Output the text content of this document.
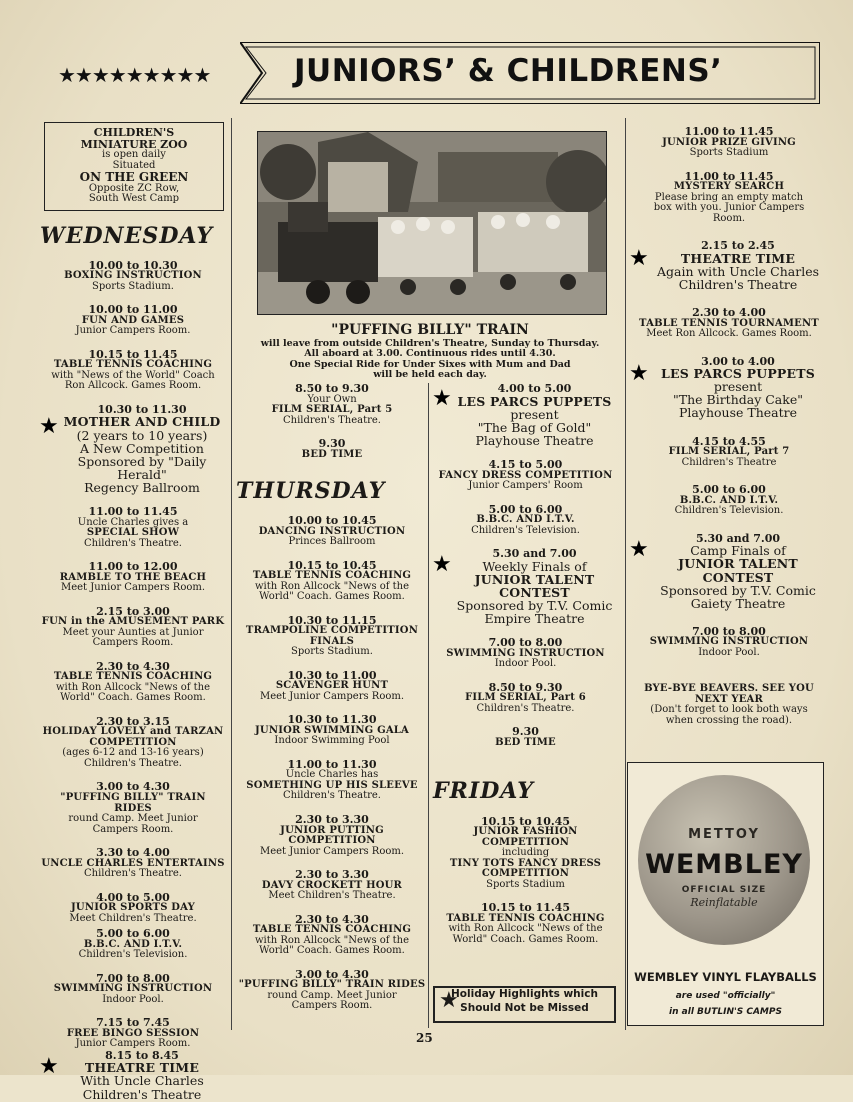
★★★★★★★★★	JUNIORS’ & CHILDRENS’
"PUFFING BILLY" TRAIN
will leave from outside Children's Theatre, Sunday to Thursday.
All aboard at 3.00. Continuous rides until 4.30.
One Special Ride for Under Sixes with Mum and Dad
will be held each day.
CHILDREN'S
MINIATURE ZOO
is open daily
Situated
ON THE GREEN
Opposite ZC Row,
South West Camp
WEDNESDAY
10.00 to 10.30
BOXING INSTRUCTION
Sports Stadium.
10.00 to 11.00
FUN AND GAMES
Junior Campers Room.
10.15 to 11.45
TABLE TENNIS COACHING
with "News of the World" Coach
Ron Allcock. Games Room.
★
10.30 to 11.30
MOTHER AND CHILD
(2 years to 10 years)
A New Competition
Sponsored by "Daily Herald"
Regency Ballroom
11.00 to 11.45
Uncle Charles gives a
SPECIAL SHOW
Children's Theatre.
11.00 to 12.00
RAMBLE TO THE BEACH
Meet Junior Campers Room.
2.15 to 3.00
FUN in the AMUSEMENT PARK
Meet your Aunties at Junior
Campers Room.
2.30 to 4.30
TABLE TENNIS COACHING
with Ron Allcock "News of the
World" Coach. Games Room.
2.30 to 3.15
HOLIDAY LOVELY and TARZAN
COMPETITION
(ages 6-12 and 13-16 years)
Children's Theatre.
3.00 to 4.30
"PUFFING BILLY" TRAIN RIDES
round Camp. Meet Junior
Campers Room.
3.30 to 4.00
UNCLE CHARLES ENTERTAINS
Children's Theatre.
4.00 to 5.00
JUNIOR SPORTS DAY
Meet Children's Theatre.
5.00 to 6.00
B.B.C. AND I.T.V.
Children's Television.
7.00 to 8.00
SWIMMING INSTRUCTION
Indoor Pool.
7.15 to 7.45
FREE BINGO SESSION
Junior Campers Room.
★	8.15 to 8.45
THEATRE TIME
With Uncle Charles
Children's Theatre
8.50 to 9.30
Your Own
FILM SERIAL, Part 5
Children's Theatre.
9.30
BED TIME
THURSDAY
10.00 to 10.45
DANCING INSTRUCTION
Princes Ballroom
10.15 to 10.45
TABLE TENNIS COACHING
with Ron Allcock "News of the
World" Coach. Games Room.
10.30 to 11.15
TRAMPOLINE COMPETITION
FINALS
Sports Stadium.
10.30 to 11.00
SCAVENGER HUNT
Meet Junior Campers Room.
10.30 to 11.30
JUNIOR SWIMMING GALA
Indoor Swimming Pool
11.00 to 11.30
Uncle Charles has
SOMETHING UP HIS SLEEVE
Children's Theatre.
2.30 to 3.30
JUNIOR PUTTING COMPETITION
Meet Junior Campers Room.
2.30 to 3.30
DAVY CROCKETT HOUR
Meet Children's Theatre.
2.30 to 4.30
TABLE TENNIS COACHING
with Ron Allcock "News of the
World" Coach. Games Room.
3.00 to 4.30
"PUFFING BILLY" TRAIN RIDES
round Camp. Meet Junior
Campers Room.
★	4.00 to 5.00
LES PARCS PUPPETS
present
"The Bag of Gold"
Playhouse Theatre
4.15 to 5.00
FANCY DRESS COMPETITION
Junior Campers' Room
5.00 to 6.00
B.B.C. AND I.T.V.
Children's Television.
★	5.30 and 7.00
Weekly Finals of
JUNIOR TALENT
CONTEST
Sponsored by T.V. Comic
Empire Theatre
7.00 to 8.00
SWIMMING INSTRUCTION
Indoor Pool.
8.50 to 9.30
FILM SERIAL, Part 6
Children's Theatre.
9.30
BED TIME
FRIDAY
10.15 to 10.45
JUNIOR FASHION
COMPETITION
including
TINY TOTS FANCY DRESS
COMPETITION
Sports Stadium
10.15 to 11.45
TABLE TENNIS COACHING
with Ron Allcock "News of the
World" Coach. Games Room.
★
Holiday Highlights which
Should Not be Missed
11.00 to 11.45
JUNIOR PRIZE GIVING
Sports Stadium
11.00 to 11.45
MYSTERY SEARCH
Please bring an empty match
box with you. Junior Campers
Room.
★
2.15 to 2.45
THEATRE TIME
Again with Uncle Charles
Children's Theatre
2.30 to 4.00
TABLE TENNIS TOURNAMENT
Meet Ron Allcock. Games Room.
★	3.00 to 4.00
LES PARCS PUPPETS
present
"The Birthday Cake"
Playhouse Theatre
4.15 to 4.55
FILM SERIAL, Part 7
Children's Theatre
5.00 to 6.00
B.B.C. AND I.T.V.
Children's Television.
★	5.30 and 7.00
Camp Finals of
JUNIOR TALENT
CONTEST
Sponsored by T.V. Comic
Gaiety Theatre
7.00 to 8.00
SWIMMING INSTRUCTION
Indoor Pool.
BYE-BYE BEAVERS. SEE YOU
NEXT YEAR
(Don't forget to look both ways
when crossing the road).
METTOY
WEMBLEY
OFFICIAL SIZE
Reinflatable
WEMBLEY VINYL FLAYBALLS
are used "officially"
in all BUTLIN'S CAMPS
25
